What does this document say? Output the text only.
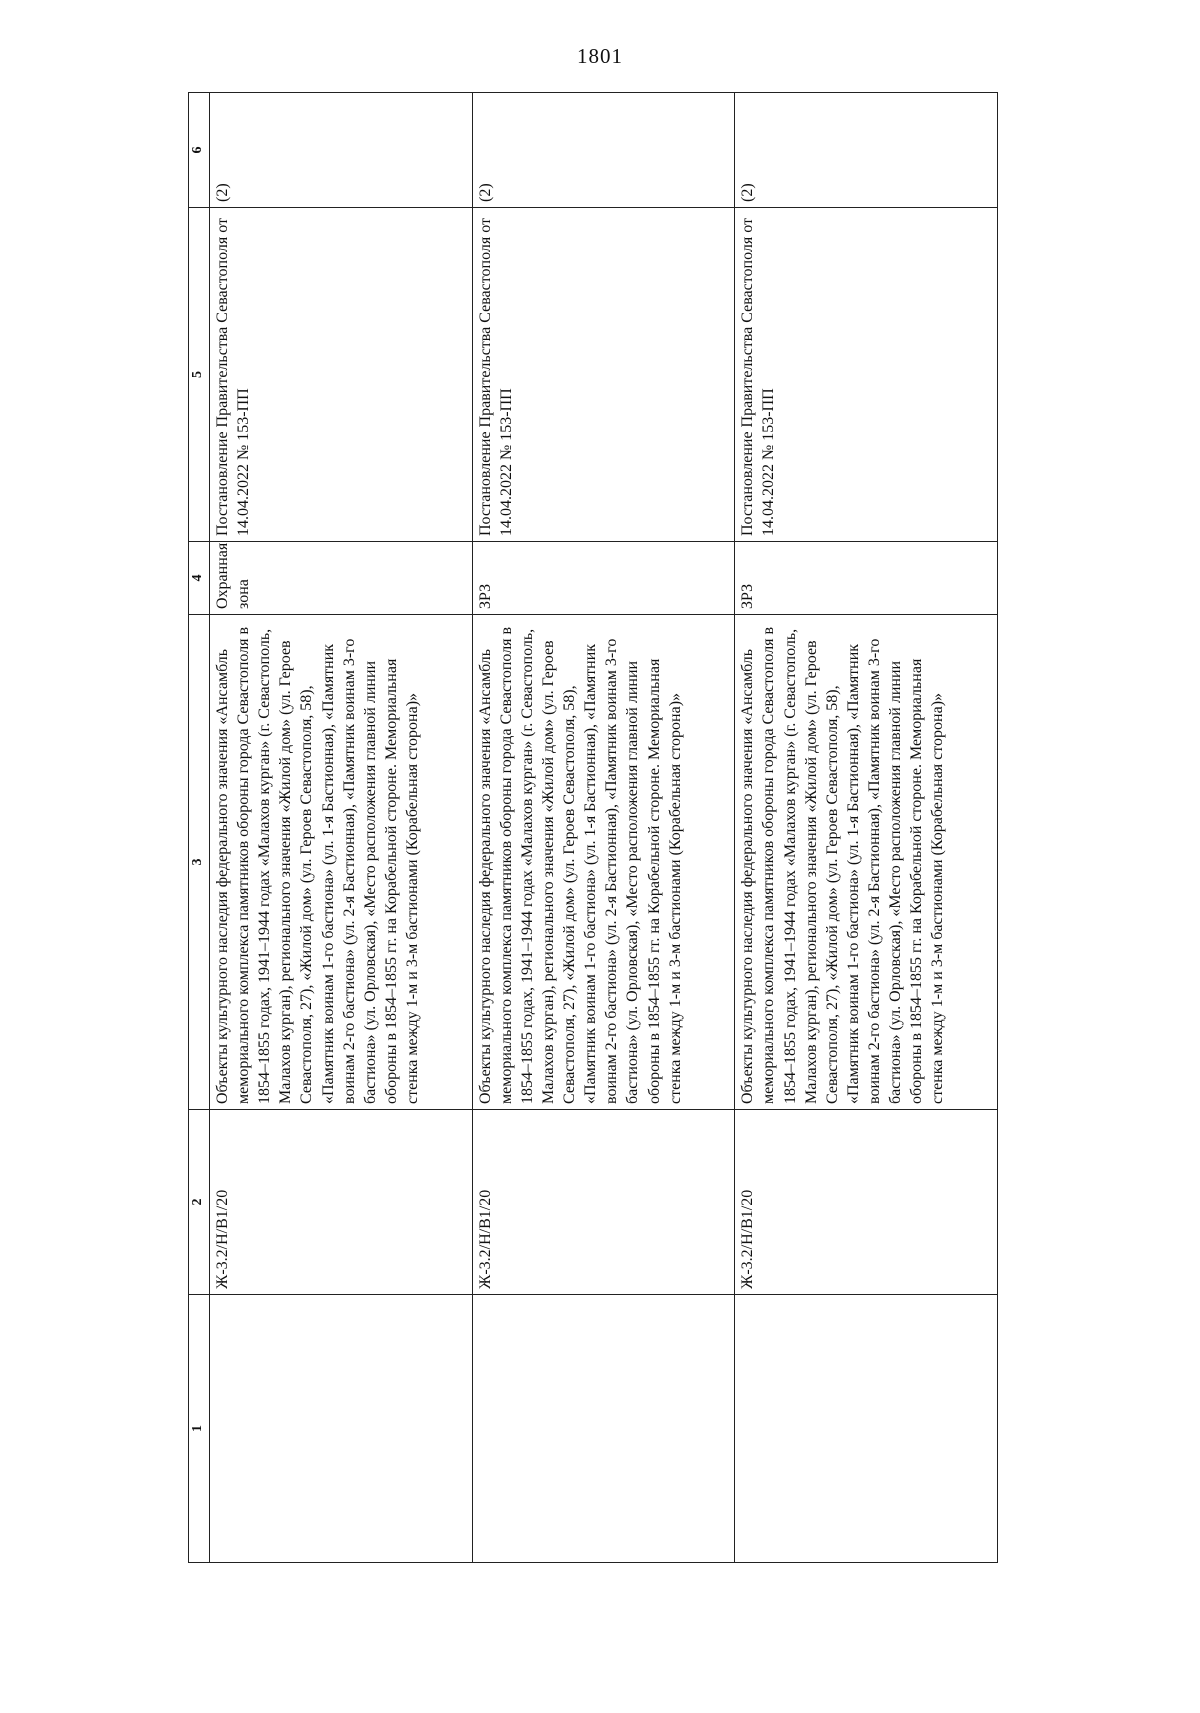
1801
1	2	3	4	5	6
	Ж-3.2/Н/В1/20	Объекты культурного наследия федерального значения «Ансамбль мемориального комплекса памятников обороны города Севастополя в 1854–1855 годах, 1941–1944 годах «Малахов курган» (г. Севастополь, Малахов курган), регионального значения «Жилой дом» (ул. Героев Севастополя, 27), «Жилой дом» (ул. Героев Севастополя, 58), «Памятник воинам 1-го бастиона» (ул. 1-я Бастионная), «Памятник воинам 2-го бастиона» (ул. 2-я Бастионная), «Памятник воинам 3-го бастиона» (ул. Орловская), «Место расположения главной линии обороны в 1854–1855 гг. на Корабельной стороне. Мемориальная стенка между 1-м и 3-м бастионами (Корабельная сторона)»	Охранная зона	Постановление Правительства Севастополя от 14.04.2022 № 153-ПП	(2)
	Ж-3.2/Н/В1/20	Объекты культурного наследия федерального значения «Ансамбль мемориального комплекса памятников обороны города Севастополя в 1854–1855 годах, 1941–1944 годах «Малахов курган» (г. Севастополь, Малахов курган), регионального значения «Жилой дом» (ул. Героев Севастополя, 27), «Жилой дом» (ул. Героев Севастополя, 58), «Памятник воинам 1-го бастиона» (ул. 1-я Бастионная), «Памятник воинам 2-го бастиона» (ул. 2-я Бастионная), «Памятник воинам 3-го бастиона» (ул. Орловская), «Место расположения главной линии обороны в 1854–1855 гг. на Корабельной стороне. Мемориальная стенка между 1-м и 3-м бастионами (Корабельная сторона)»	ЗРЗ	Постановление Правительства Севастополя от 14.04.2022 № 153-ПП	(2)
	Ж-3.2/Н/В1/20	Объекты культурного наследия федерального значения «Ансамбль мемориального комплекса памятников обороны города Севастополя в 1854–1855 годах, 1941–1944 годах «Малахов курган» (г. Севастополь, Малахов курган), регионального значения «Жилой дом» (ул. Героев Севастополя, 27), «Жилой дом» (ул. Героев Севастополя, 58), «Памятник воинам 1-го бастиона» (ул. 1-я Бастионная), «Памятник воинам 2-го бастиона» (ул. 2-я Бастионная), «Памятник воинам 3-го бастиона» (ул. Орловская), «Место расположения главной линии обороны в 1854–1855 гг. на Корабельной стороне. Мемориальная стенка между 1-м и 3-м бастионами (Корабельная сторона)»	ЗРЗ	Постановление Правительства Севастополя от 14.04.2022 № 153-ПП	(2)
